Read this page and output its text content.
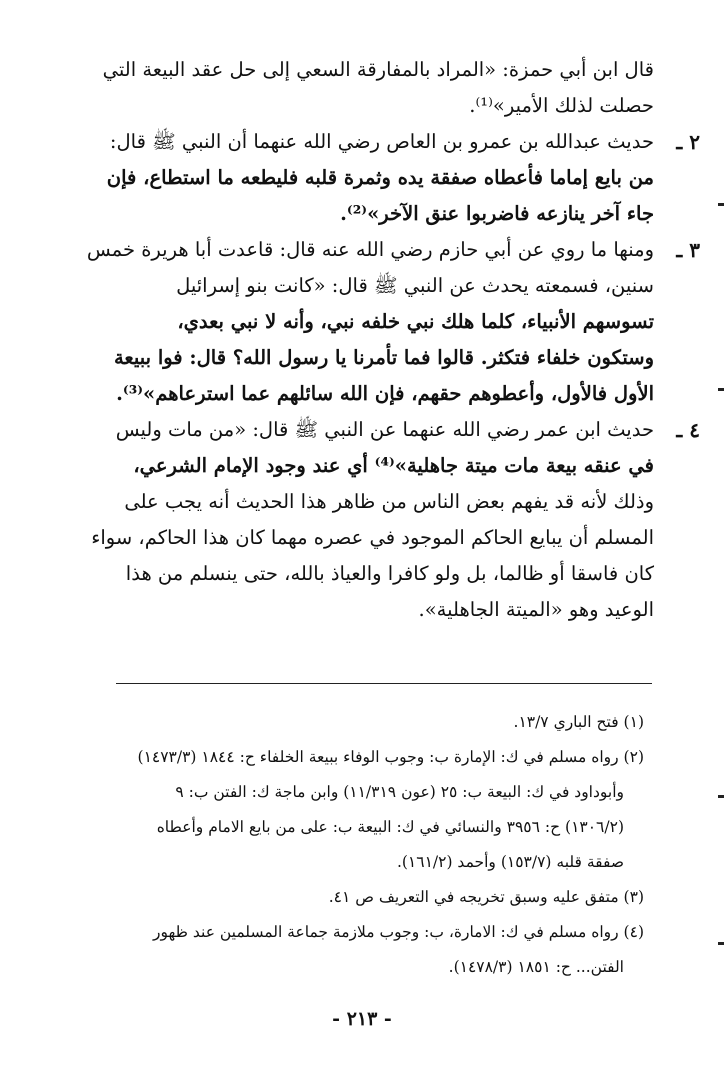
قال ابن أبي حمزة: «المراد بالمفارقة السعي إلى حل عقد البيعة التي
حصلت لذلك الأمير»⁽¹⁾.
٢ ـ
حديث عبدالله بن عمرو بن العاص رضي الله عنهما أن النبي ﷺ قال:
من بايع إماما فأعطاه صفقة يده وثمرة قلبه فليطعه ما استطاع، فإن
جاء آخر ينازعه فاضربوا عنق الآخر»⁽²⁾.
٣ ـ
ومنها ما روي عن أبي حازم رضي الله عنه قال: قاعدت أبا هريرة خمس
سنين، فسمعته يحدث عن النبي ﷺ قال: «كانت بنو إسرائيل
تسوسهم الأنبياء، كلما هلك نبي خلفه نبي، وأنه لا نبي بعدي،
وستكون خلفاء فتكثر. قالوا فما تأمرنا يا رسول الله؟ قال: فوا ببيعة
الأول فالأول، وأعطوهم حقهم، فإن الله سائلهم عما استرعاهم»⁽³⁾.
٤ ـ
حديث ابن عمر رضي الله عنهما عن النبي ﷺ قال: «من مات وليس
في عنقه بيعة مات ميتة جاهلية»⁽⁴⁾ أي عند وجود الإمام الشرعي،
وذلك لأنه قد يفهم بعض الناس من ظاهر هذا الحديث أنه يجب على
المسلم أن يبايع الحاكم الموجود في عصره مهما كان هذا الحاكم، سواء
كان فاسقا أو ظالما، بل ولو كافرا والعياذ بالله، حتى ينسلم من هذا
الوعيد وهو «الميتة الجاهلية».
(١) فتح الباري ١٣/٧.
(٢) رواه مسلم في ك: الإمارة ب: وجوب الوفاء ببيعة الخلفاء ح: ١٨٤٤ (١٤٧٣/٣)
وأبوداود في ك: البيعة ب: ٢٥ (عون ١١/٣١٩) وابن ماجة ك: الفتن ب: ٩
(١٣٠٦/٢) ح: ٣٩٥٦ والنسائي في ك: البيعة ب: على من بايع الامام وأعطاه
صفقة قلبه (١٥٣/٧) وأحمد (١٦١/٢).
(٣) متفق عليه وسبق تخريجه في التعريف ص ٤١.
(٤) رواه مسلم في ك: الامارة، ب: وجوب ملازمة جماعة المسلمين عند ظهور
الفتن... ح: ١٨٥١ (١٤٧٨/٣).
- ٢١٣ -
